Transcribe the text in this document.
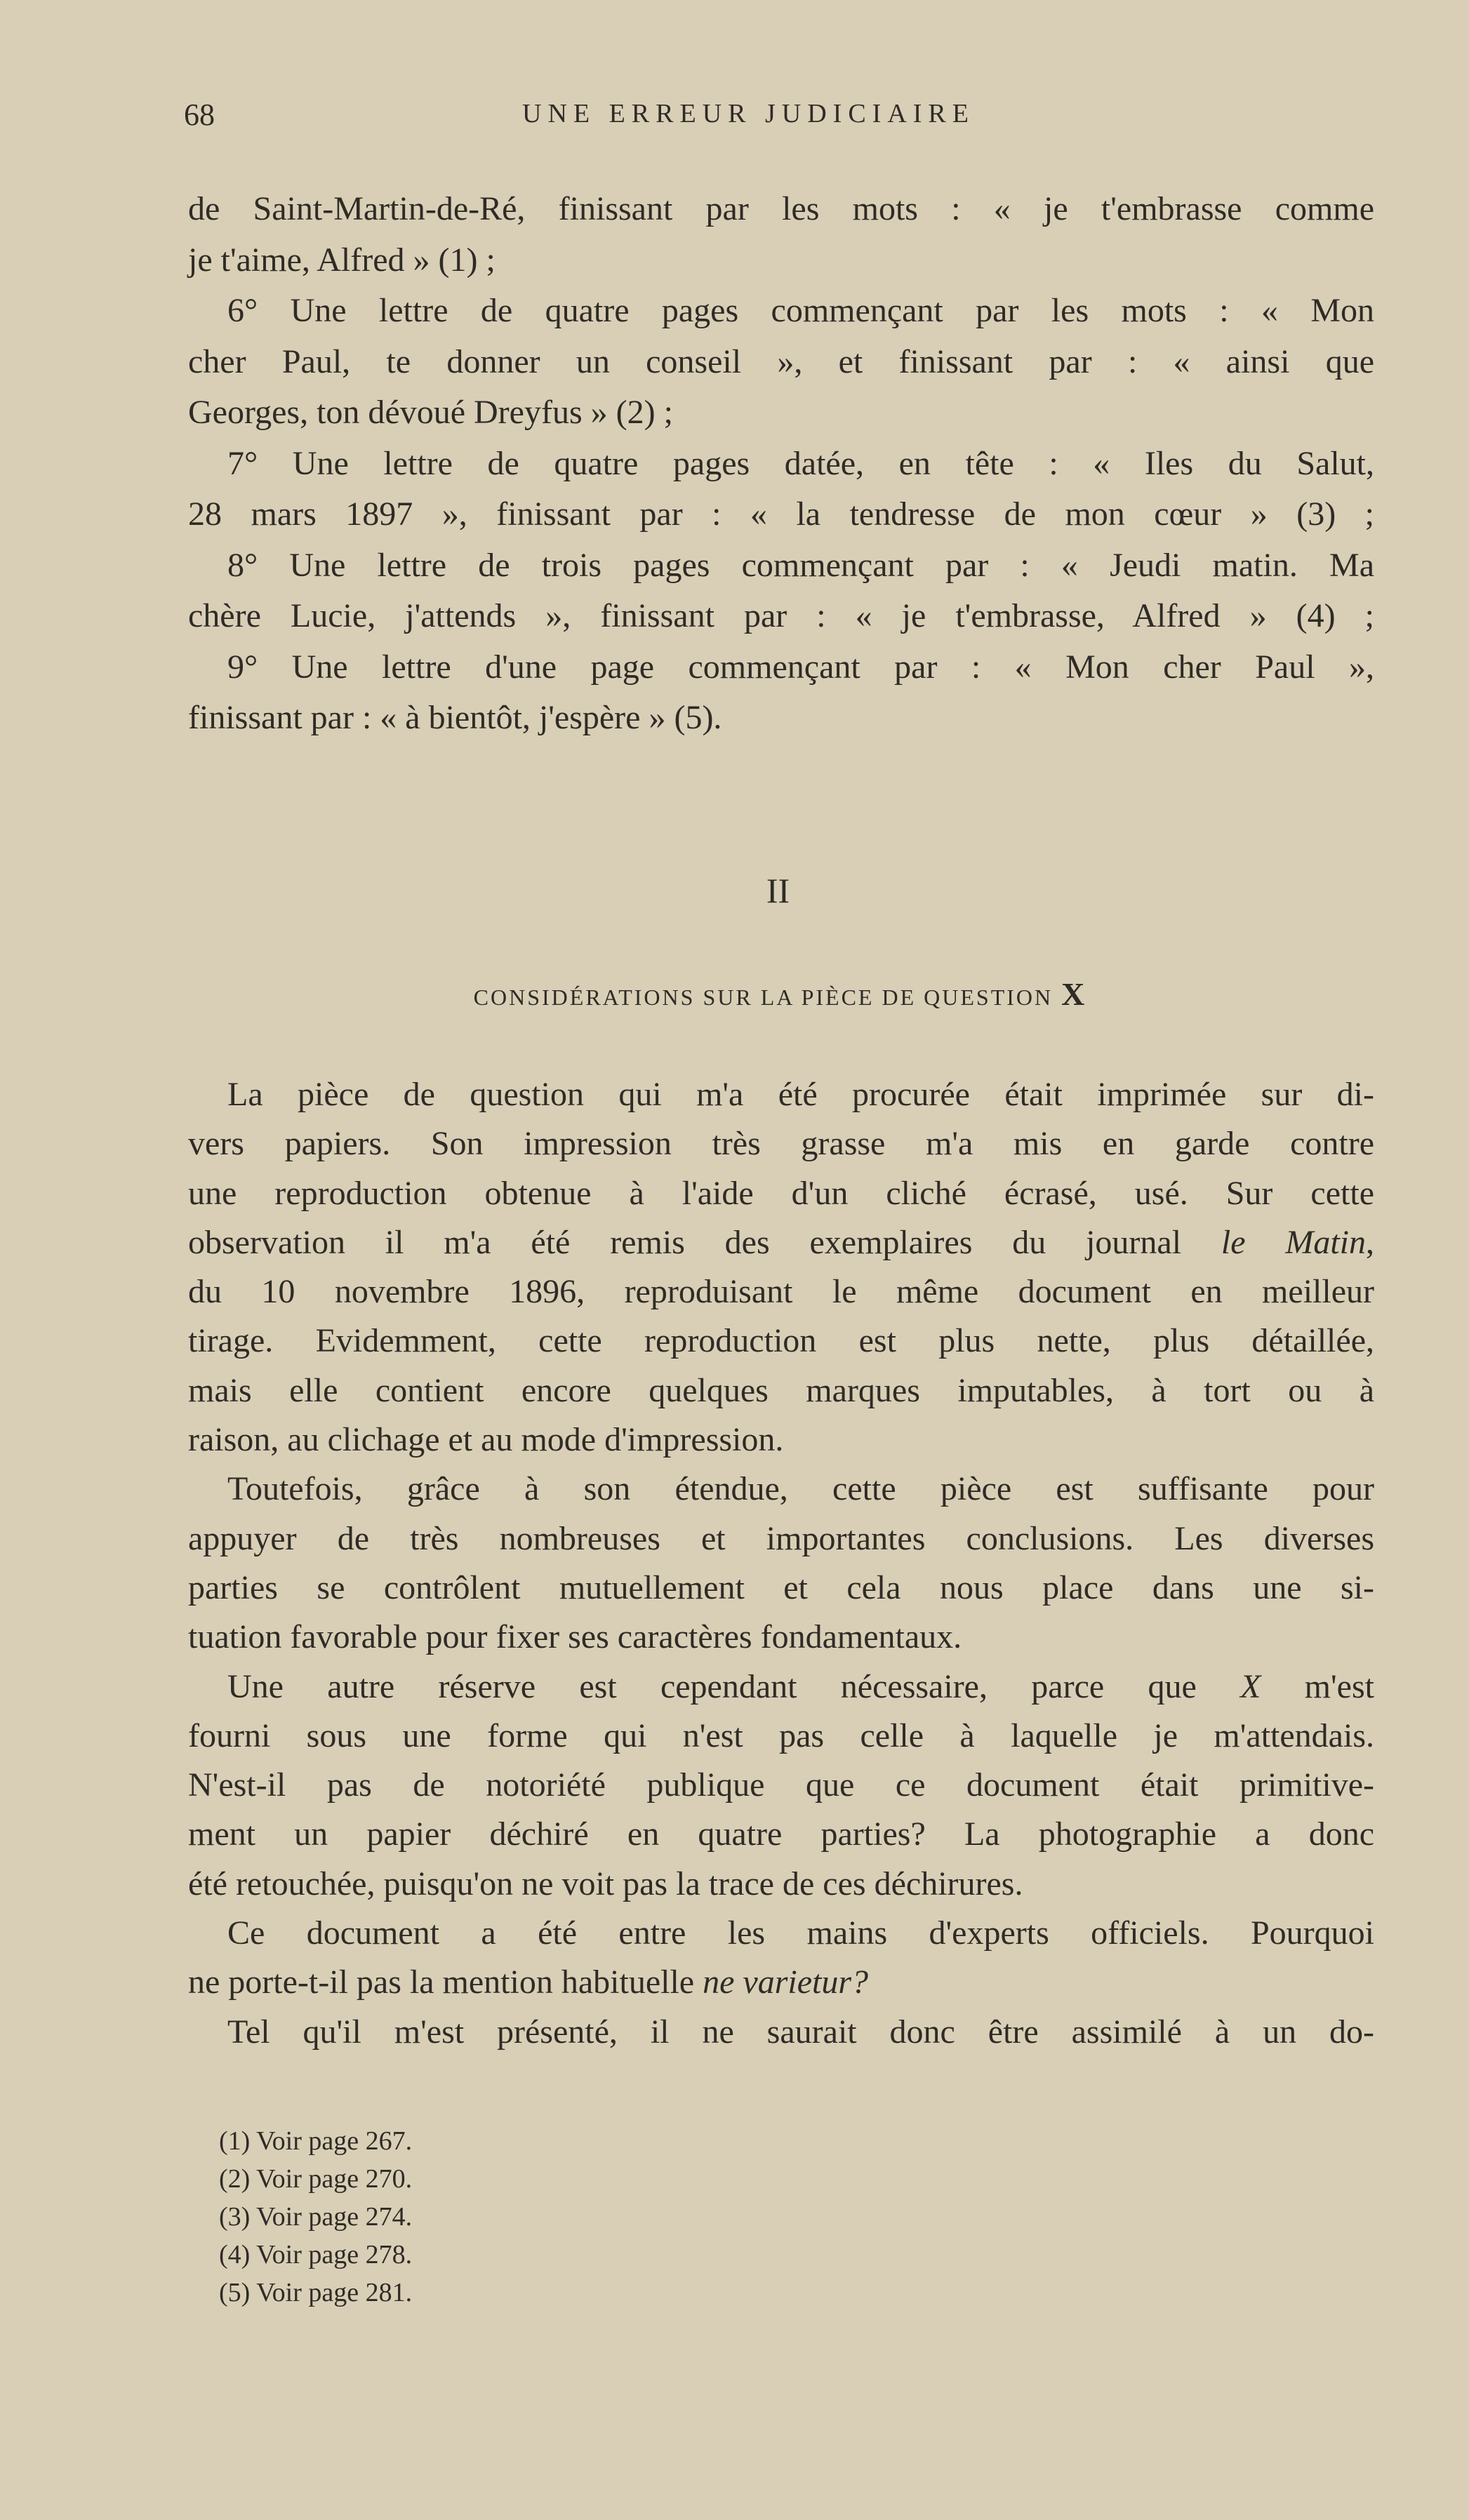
68	UNE ERREUR JUDICIAIRE
de Saint-Martin-de-Ré, finissant par les mots : « je t'embrasse comme
je t'aime, Alfred » (1) ;
6° Une lettre de quatre pages commençant par les mots : « Mon
cher Paul, te donner un conseil », et finissant par : « ainsi que
Georges, ton dévoué Dreyfus » (2) ;
7° Une lettre de quatre pages datée, en tête : « Iles du Salut,
28 mars 1897 », finissant par : « la tendresse de mon cœur » (3) ;
8° Une lettre de trois pages commençant par : « Jeudi matin. Ma
chère Lucie, j'attends », finissant par : « je t'embrasse, Alfred » (4) ;
9° Une lettre d'une page commençant par : « Mon cher Paul »,
finissant par : « à bientôt, j'espère » (5).
II
CONSIDÉRATIONS SUR LA PIÈCE DE QUESTION X
La pièce de question qui m'a été procurée était imprimée sur di-
vers papiers. Son impression très grasse m'a mis en garde contre
une reproduction obtenue à l'aide d'un cliché écrasé, usé. Sur cette
observation il m'a été remis des exemplaires du journal le Matin,
du 10 novembre 1896, reproduisant le même document en meilleur
tirage. Evidemment, cette reproduction est plus nette, plus détaillée,
mais elle contient encore quelques marques imputables, à tort ou à
raison, au clichage et au mode d'impression.
Toutefois, grâce à son étendue, cette pièce est suffisante pour
appuyer de très nombreuses et importantes conclusions. Les diverses
parties se contrôlent mutuellement et cela nous place dans une si-
tuation favorable pour fixer ses caractères fondamentaux.
Une autre réserve est cependant nécessaire, parce que X m'est
fourni sous une forme qui n'est pas celle à laquelle je m'attendais.
N'est-il pas de notoriété publique que ce document était primitive-
ment un papier déchiré en quatre parties? La photographie a donc
été retouchée, puisqu'on ne voit pas la trace de ces déchirures.
Ce document a été entre les mains d'experts officiels. Pourquoi
ne porte-t-il pas la mention habituelle ne varietur?
Tel qu'il m'est présenté, il ne saurait donc être assimilé à un do-
(1) Voir page 267.
(2) Voir page 270.
(3) Voir page 274.
(4) Voir page 278.
(5) Voir page 281.
